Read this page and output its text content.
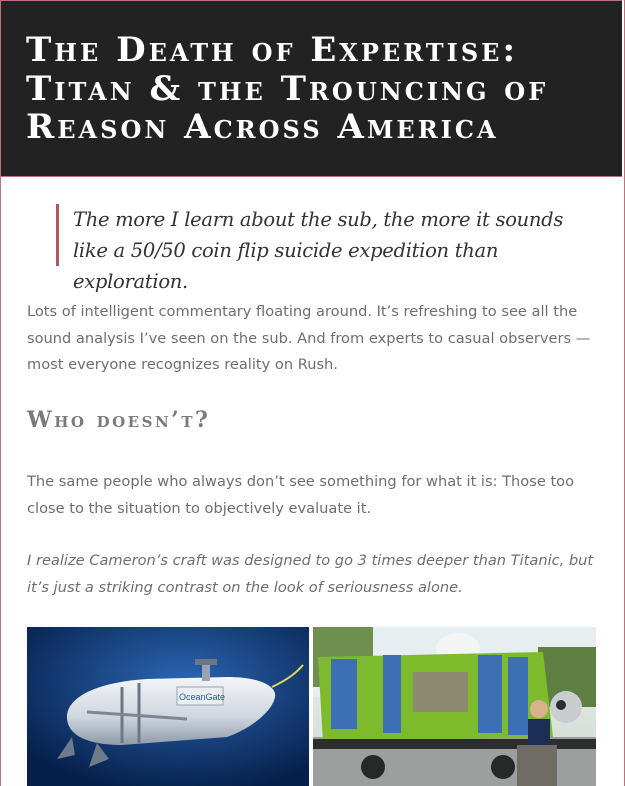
The Death of Expertise: Titan & the Trouncing of Reason Across America

The more I learn about the sub, the more it sounds like a 50/50 coin flip suicide expedition than exploration.

Lots of intelligent commentary floating around. It’s refreshing to see all the sound analysis I’ve seen on the sub. And from experts to casual observers — most everyone recognizes reality on Rush.

Who doesn’t?

The same people who always don’t see something for what it is: Those too close to the situation to objectively evaluate it.

I realize Cameron’s craft was designed to go 3 times deeper than Titanic, but it’s just a striking contrast on the look of seriousness alone.

OceanGate
